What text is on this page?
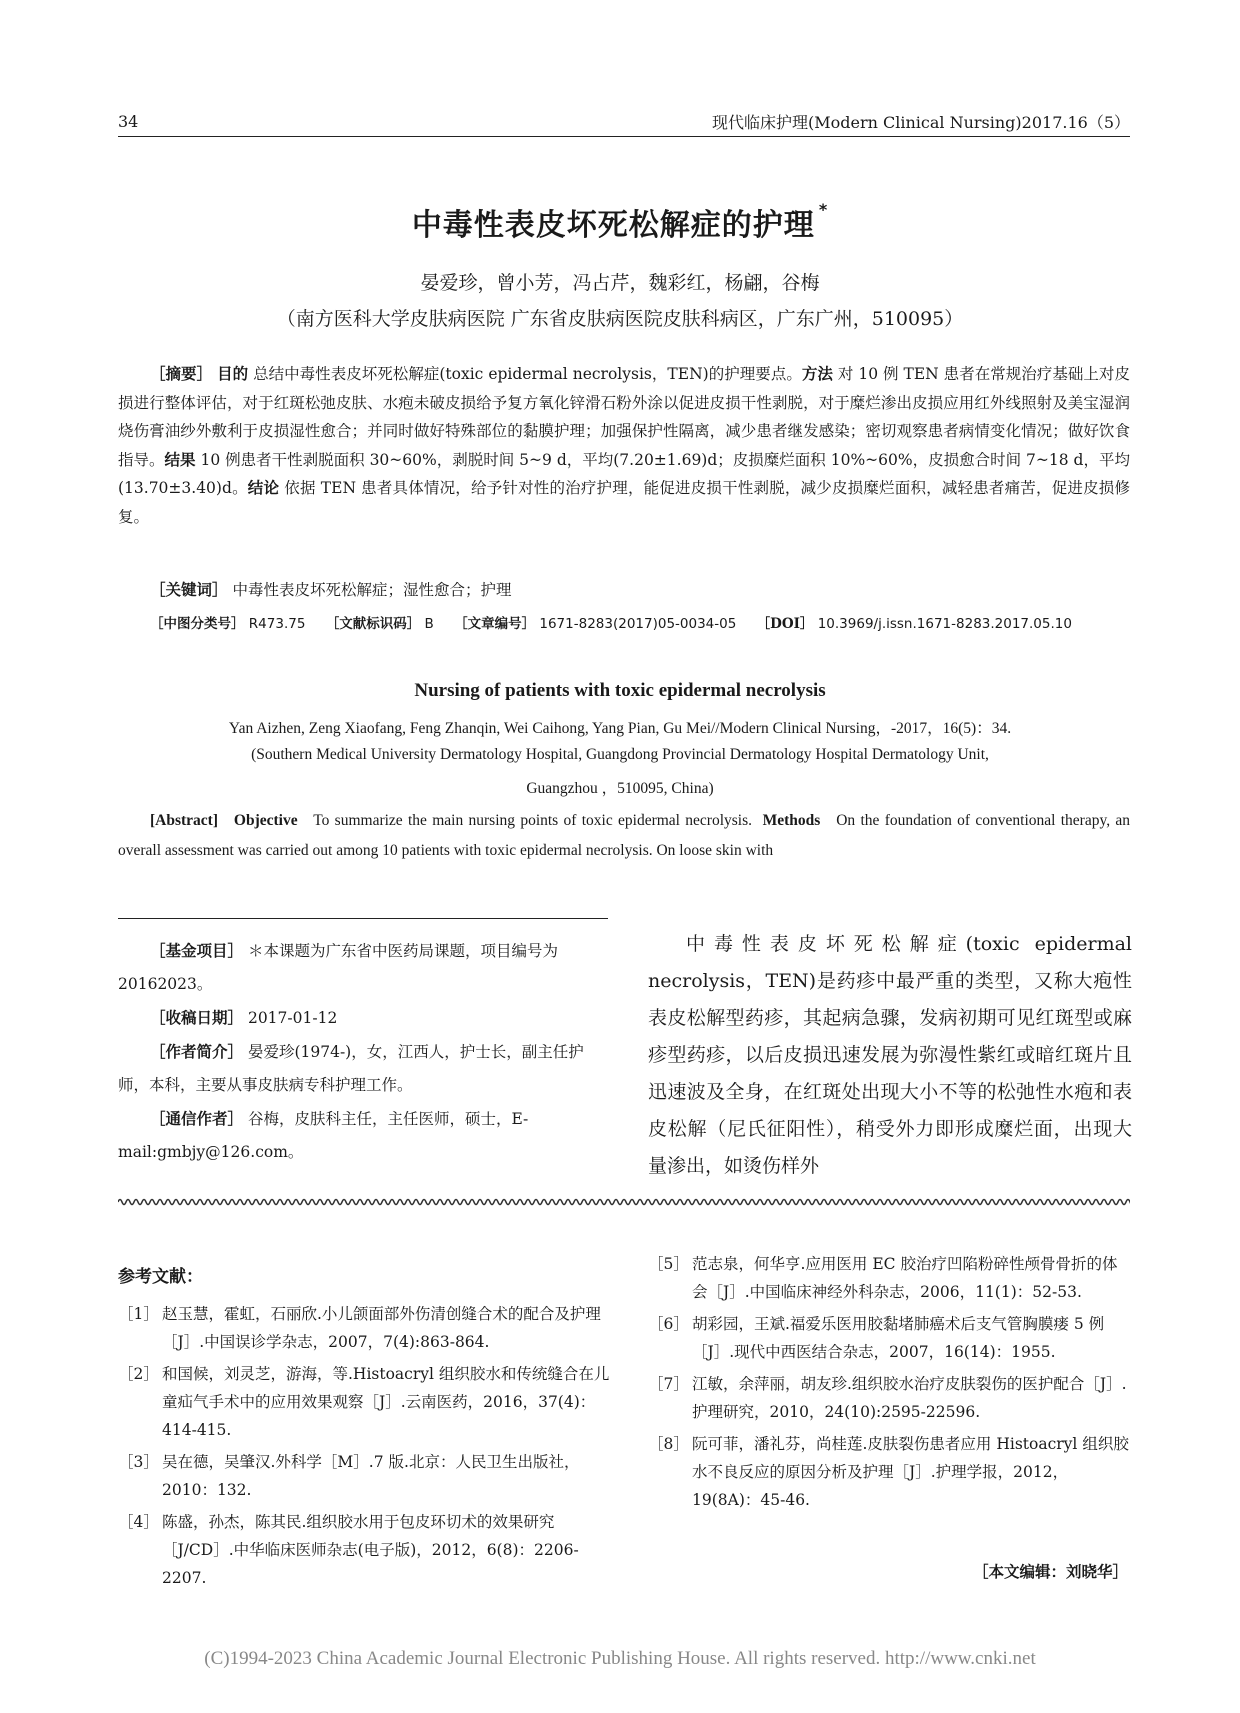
34	现代临床护理(Modern Clinical Nursing)2017.16（5）
中毒性表皮坏死松解症的护理 *
晏爱珍，曾小芳，冯占芹，魏彩红，杨翩，谷梅
（南方医科大学皮肤病医院 广东省皮肤病医院皮肤科病区，广东广州，510095）

［摘要］ 目的 总结中毒性表皮坏死松解症(toxic epidermal necrolysis，TEN)的护理要点。方法 对 10 例 TEN 患者在常规治疗基础上对皮损进行整体评估，对于红斑松弛皮肤、水疱未破皮损给予复方氧化锌滑石粉外涂以促进皮损干性剥脱，对于糜烂渗出皮损应用红外线照射及美宝湿润烧伤膏油纱外敷利于皮损湿性愈合；并同时做好特殊部位的黏膜护理；加强保护性隔离，减少患者继发感染；密切观察患者病情变化情况；做好饮食指导。结果 10 例患者干性剥脱面积 30~60%，剥脱时间 5~9 d，平均(7.20±1.69)d；皮损糜烂面积 10%~60%，皮损愈合时间 7~18 d，平均(13.70±3.40)d。结论 依据 TEN 患者具体情况，给予针对性的治疗护理，能促进皮损干性剥脱，减少皮损糜烂面积，减轻患者痛苦，促进皮损修复。

［关键词］ 中毒性表皮坏死松解症；湿性愈合；护理
［中图分类号］ R473.75 ［文献标识码］ B ［文章编号］ 1671-8283(2017)05-0034-05 ［DOI］ 10.3969/j.issn.1671-8283.2017.05.10
Nursing of patients with toxic epidermal necrolysis
Yan Aizhen, Zeng Xiaofang, Feng Zhanqin, Wei Caihong, Yang Pian, Gu Mei//Modern Clinical Nursing，-2017，16(5)：34.
(Southern Medical University Dermatology Hospital, Guangdong Provincial Dermatology Hospital Dermatology Unit,
Guangzhou ，510095, China)

[Abstract] Objective To summarize the main nursing points of toxic epidermal necrolysis. Methods On the foundation of conventional therapy, an overall assessment was carried out among 10 patients with toxic epidermal necrolysis. On loose skin with

［基金项目］ ＊本课题为广东省中医药局课题，项目编号为 20162023。

［收稿日期］ 2017-01-12

［作者简介］ 晏爱珍(1974-)，女，江西人，护士长，副主任护师，本科，主要从事皮肤病专科护理工作。

［通信作者］ 谷梅，皮肤科主任，主任医师，硕士，E-mail:gmbjy@126.com。

中毒性表皮坏死松解症(toxic epidermal necrolysis，TEN)是药疹中最严重的类型，又称大疱性表皮松解型药疹，其起病急骤，发病初期可见红斑型或麻疹型药疹，以后皮损迅速发展为弥漫性紫红或暗红斑片且迅速波及全身，在红斑处出现大小不等的松弛性水疱和表皮松解（尼氏征阳性），稍受外力即形成糜烂面，出现大量渗出，如烫伤样外

参考文献：
［1］ 赵玉慧，霍虹，石丽欣.小儿颌面部外伤清创缝合术的配合及护理［J］.中国误诊学杂志，2007，7(4):863-864.
［2］ 和国候，刘灵芝，游海，等.Histoacryl 组织胶水和传统缝合在儿童疝气手术中的应用效果观察［J］.云南医药，2016，37(4)：414-415.
［3］ 吴在德，吴肇汉.外科学［M］.7 版.北京：人民卫生出版社，2010：132.
［4］ 陈盛，孙杰，陈其民.组织胶水用于包皮环切术的效果研究［J/CD］.中华临床医师杂志(电子版)，2012，6(8)：2206-2207.
［5］ 范志泉，何华亨.应用医用 EC 胶治疗凹陷粉碎性颅骨骨折的体会［J］.中国临床神经外科杂志，2006，11(1)：52-53.
［6］ 胡彩园，王斌.福爱乐医用胶黏堵肺癌术后支气管胸膜瘘 5 例［J］.现代中西医结合杂志，2007，16(14)：1955.
［7］ 江敏，余萍丽，胡友珍.组织胶水治疗皮肤裂伤的医护配合［J］.护理研究，2010，24(10):2595-22596.
［8］ 阮可菲，潘礼芬，尚桂莲.皮肤裂伤患者应用 Histoacryl 组织胶水不良反应的原因分析及护理［J］.护理学报，2012，19(8A)：45-46.
［本文编辑：刘晓华］
(C)1994-2023 China Academic Journal Electronic Publishing House. All rights reserved. http://www.cnki.net
